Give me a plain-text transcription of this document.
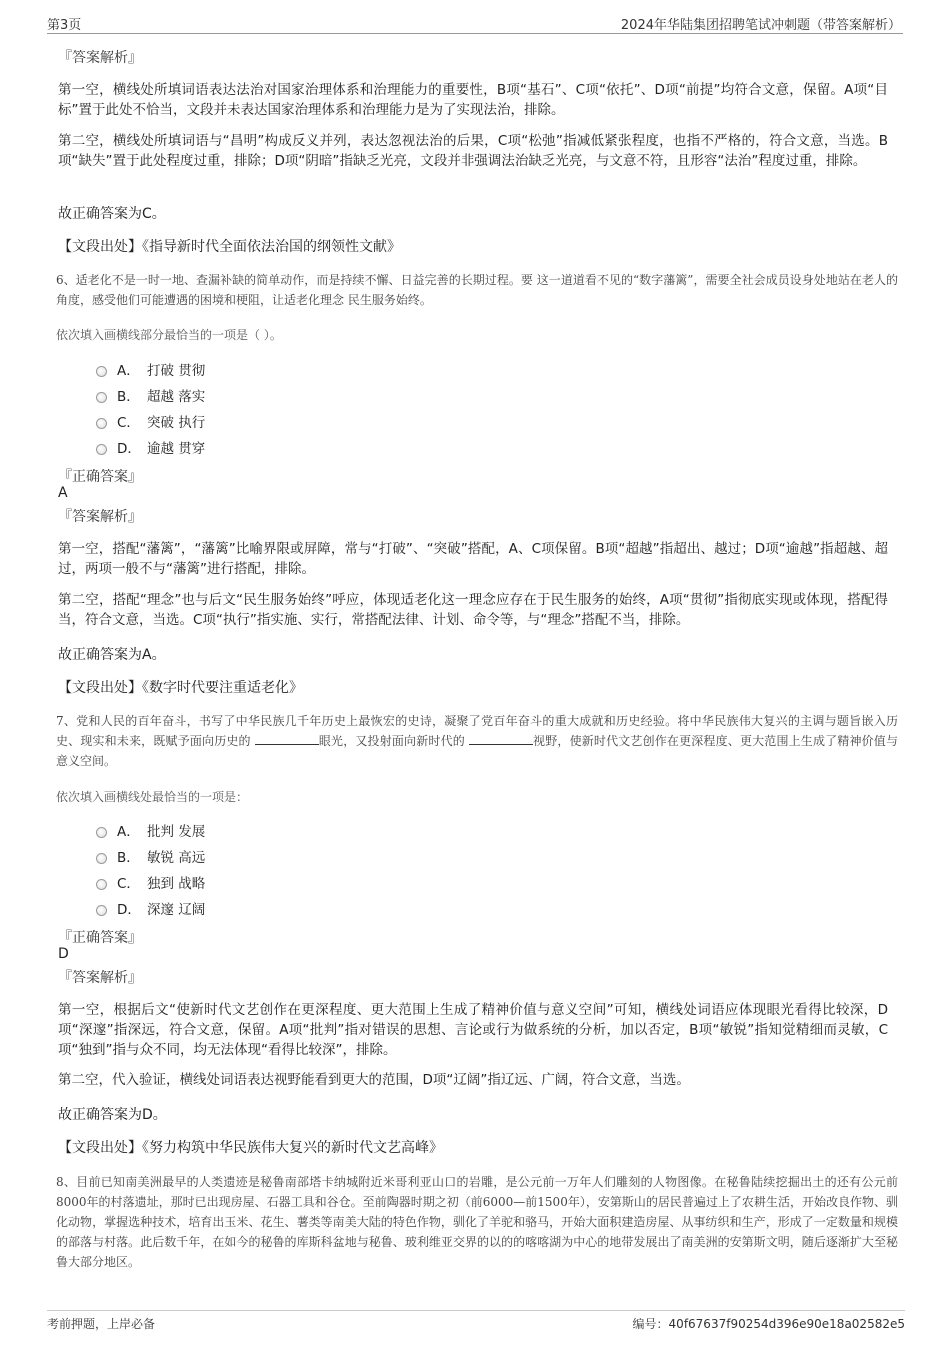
第3页	2024年华陆集团招聘笔试冲刺题（带答案解析）
『答案解析』
第一空，横线处所填词语表达法治对国家治理体系和治理能力的重要性，B项“基石”、C项“依托”、D项“前提”均符合文意，保留。A项“目标”置于此处不恰当，文段并未表达国家治理体系和治理能力是为了实现法治，排除。
第二空，横线处所填词语与“昌明”构成反义并列，表达忽视法治的后果，C项“松弛”指减低紧张程度，也指不严格的，符合文意，当选。B项“缺失”置于此处程度过重，排除；D项“阴暗”指缺乏光亮，文段并非强调法治缺乏光亮，与文意不符，且形容“法治”程度过重，排除。
故正确答案为C。
【文段出处】《指导新时代全面依法治国的纲领性文献》
6、适老化不是一时一地、查漏补缺的简单动作，而是持续不懈、日益完善的长期过程。要 这一道道看不见的“数字藩篱”，需要全社会成员设身处地站在老人的角度，感受他们可能遭遇的困境和梗阻，让适老化理念 民生服务始终。
依次填入画横线部分最恰当的一项是（ ）。
A． 打破 贯彻
B． 超越 落实
C． 突破 执行
D． 逾越 贯穿
『正确答案』
A
『答案解析』
第一空，搭配“藩篱”，“藩篱”比喻界限或屏障，常与“打破”、“突破”搭配，A、C项保留。B项“超越”指超出、越过；D项“逾越”指超越、超过，两项一般不与“藩篱”进行搭配，排除。
第二空，搭配“理念”也与后文“民生服务始终”呼应，体现适老化这一理念应存在于民生服务的始终，A项“贯彻”指彻底实现或体现，搭配得当，符合文意，当选。C项“执行”指实施、实行，常搭配法律、计划、命令等，与“理念”搭配不当，排除。
故正确答案为A。
【文段出处】《数字时代要注重适老化》
7、党和人民的百年奋斗，书写了中华民族几千年历史上最恢宏的史诗，凝聚了党百年奋斗的重大成就和历史经验。将中华民族伟大复兴的主调与题旨嵌入历史、现实和未来，既赋予面向历史的	眼光，又投射面向新时代的	视野，使新时代文艺创作在更深程度、更大范围上生成了精神价值与意义空间。
依次填入画横线处最恰当的一项是：
A． 批判 发展
B． 敏锐 高远
C． 独到 战略
D． 深邃 辽阔
『正确答案』
D
『答案解析』
第一空，根据后文“使新时代文艺创作在更深程度、更大范围上生成了精神价值与意义空间”可知，横线处词语应体现眼光看得比较深，D项“深邃”指深远，符合文意，保留。A项“批判”指对错误的思想、言论或行为做系统的分析，加以否定，B项“敏锐”指知觉精细而灵敏，C项“独到”指与众不同，均无法体现“看得比较深”，排除。
第二空，代入验证，横线处词语表达视野能看到更大的范围，D项“辽阔”指辽远、广阔，符合文意，当选。
故正确答案为D。
【文段出处】《努力构筑中华民族伟大复兴的新时代文艺高峰》
8、目前已知南美洲最早的人类遗迹是秘鲁南部塔卡纳城附近米哥利亚山口的岩雕，是公元前一万年人们雕刻的人物图像。在秘鲁陆续挖掘出土的还有公元前8000年的村落遗址，那时已出现房屋、石器工具和谷仓。至前陶器时期之初（前6000—前1500年），安第斯山的居民普遍过上了农耕生活，开始改良作物、驯化动物，掌握选种技术，培育出玉米、花生、薯类等南美大陆的特色作物，驯化了羊驼和骆马，开始大面积建造房屋、从事纺织和生产，形成了一定数量和规模的部落与村落。此后数千年，在如今的秘鲁的库斯科盆地与秘鲁、玻利维亚交界的以的的喀喀湖为中心的地带发展出了南美洲的安第斯文明，随后逐渐扩大至秘鲁大部分地区。
考前押题，上岸必备	编号：40f67637f90254d396e90e18a02582e5
